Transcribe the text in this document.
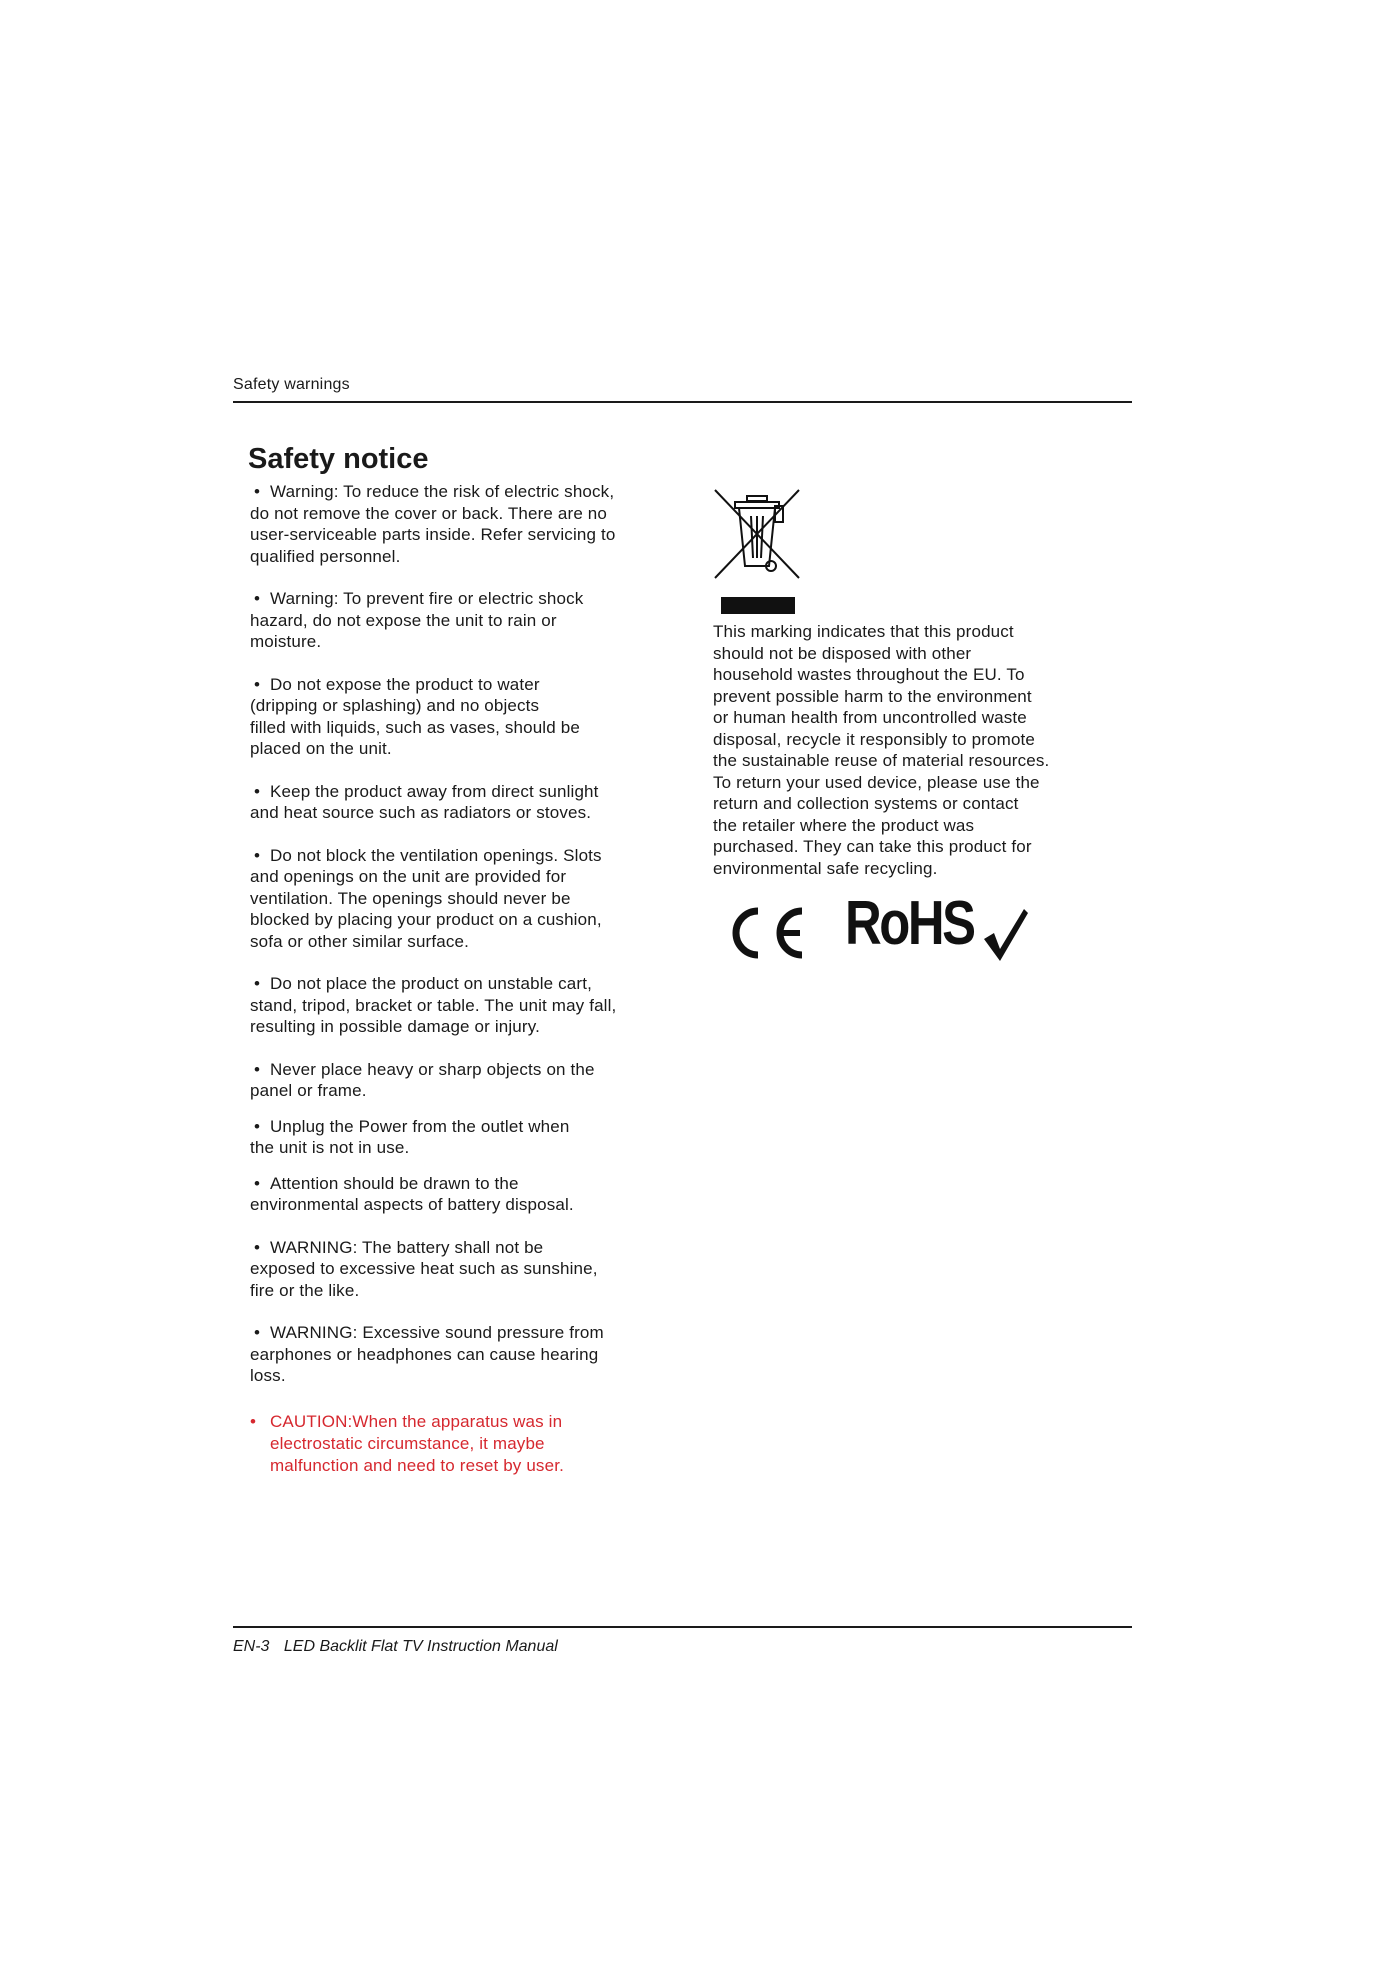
Safety warnings
Safety notice

• Warning: To reduce the risk of electric shock,
do not remove the cover or back. There are no
user-serviceable parts inside. Refer servicing to
qualified personnel.

• Warning: To prevent fire or electric shock
hazard, do not expose the unit to rain or
moisture.

• Do not expose the product to water
(dripping or splashing) and no objects
filled with liquids, such as vases, should be
placed on the unit.

• Keep the product away from direct sunlight
and heat source such as radiators or stoves.

• Do not block the ventilation openings. Slots
and openings on the unit are provided for
ventilation. The openings should never be
blocked by placing your product on a cushion,
sofa or other similar surface.

• Do not place the product on unstable cart,
stand, tripod, bracket or table. The unit may fall,
resulting in possible damage or injury.

• Never place heavy or sharp objects on the
panel or frame.

• Unplug the Power from the outlet when
the unit is not in use.

• Attention should be drawn to the
environmental aspects of battery disposal.

• WARNING: The battery shall not be
exposed to excessive heat such as sunshine,
fire or the like.

• WARNING: Excessive sound pressure from
earphones or headphones can cause hearing
loss.

• CAUTION:When the apparatus was in
electrostatic circumstance, it maybe
malfunction and need to reset by user.

This marking indicates that this product
should not be disposed with other
household wastes throughout the EU. To
prevent possible harm to the environment
or human health from uncontrolled waste
disposal, recycle it responsibly to promote
the sustainable reuse of material resources.
To return your used device, please use the
return and collection systems or contact
the retailer where the product was
purchased. They can take this product for
environmental safe recycling.

RoHS
EN-3 LED Backlit Flat TV Instruction Manual
